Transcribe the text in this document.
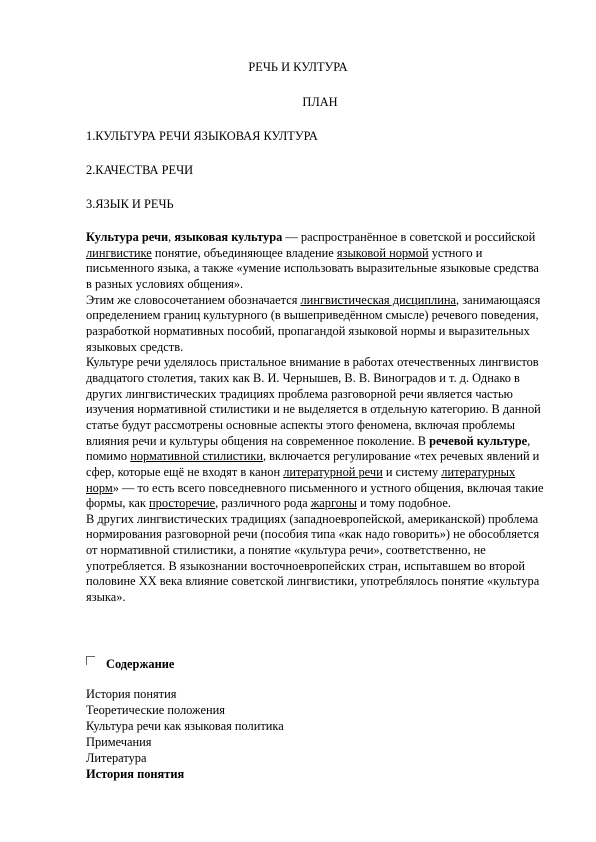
РЕЧЬ И КУЛТУРА
ПЛАН
1.КУЛЬТУРА РЕЧИ ЯЗЫКОВАЯ КУЛТУРА
2.КАЧЕСТВА РЕЧИ
3.ЯЗЫК И РЕЧЬ

Культура речи, языковая культура — распространённое в советской и российской лингвистике понятие, объединяющее владение языковой нормой устного и письменного языка, а также «умение использовать выразительные языковые средства в разных условиях общения».

Этим же словосочетанием обозначается лингвистическая дисциплина, занимающаяся определением границ культурного (в вышеприведённом смысле) речевого поведения, разработкой нормативных пособий, пропагандой языковой нормы и выразительных языковых средств.

Культуре речи уделялось пристальное внимание в работах отечественных лингвистов двадцатого столетия, таких как В. И. Чернышев, В. В. Виноградов и т. д. Однако в других лингвистических традициях проблема разговорной речи является частью изучения нормативной стилистики и не выделяется в отдельную категорию. В данной статье будут рассмотрены основные аспекты этого феномена, включая проблемы влияния речи и культуры общения на современное поколение. В речевой культуре, помимо нормативной стилистики, включается регулирование «тех речевых явлений и сфер, которые ещё не входят в канон литературной речи и систему литературных норм» — то есть всего повседневного письменного и устного общения, включая такие формы, как просторечие, различного рода жаргоны и тому подобное.

В других лингвистических традициях (западноевропейской, американской) проблема нормирования разговорной речи (пособия типа «как надо говорить») не обособляется от нормативной стилистики, а понятие «культура речи», соответственно, не употребляется. В языкознании восточноевропейских стран, испытавшем во второй половине XX века влияние советской лингвистики, употреблялось понятие «культура языка».

Содержание
История понятия
Теоретические положения
Культура речи как языковая политика
Примечания
Литература
История понятия
